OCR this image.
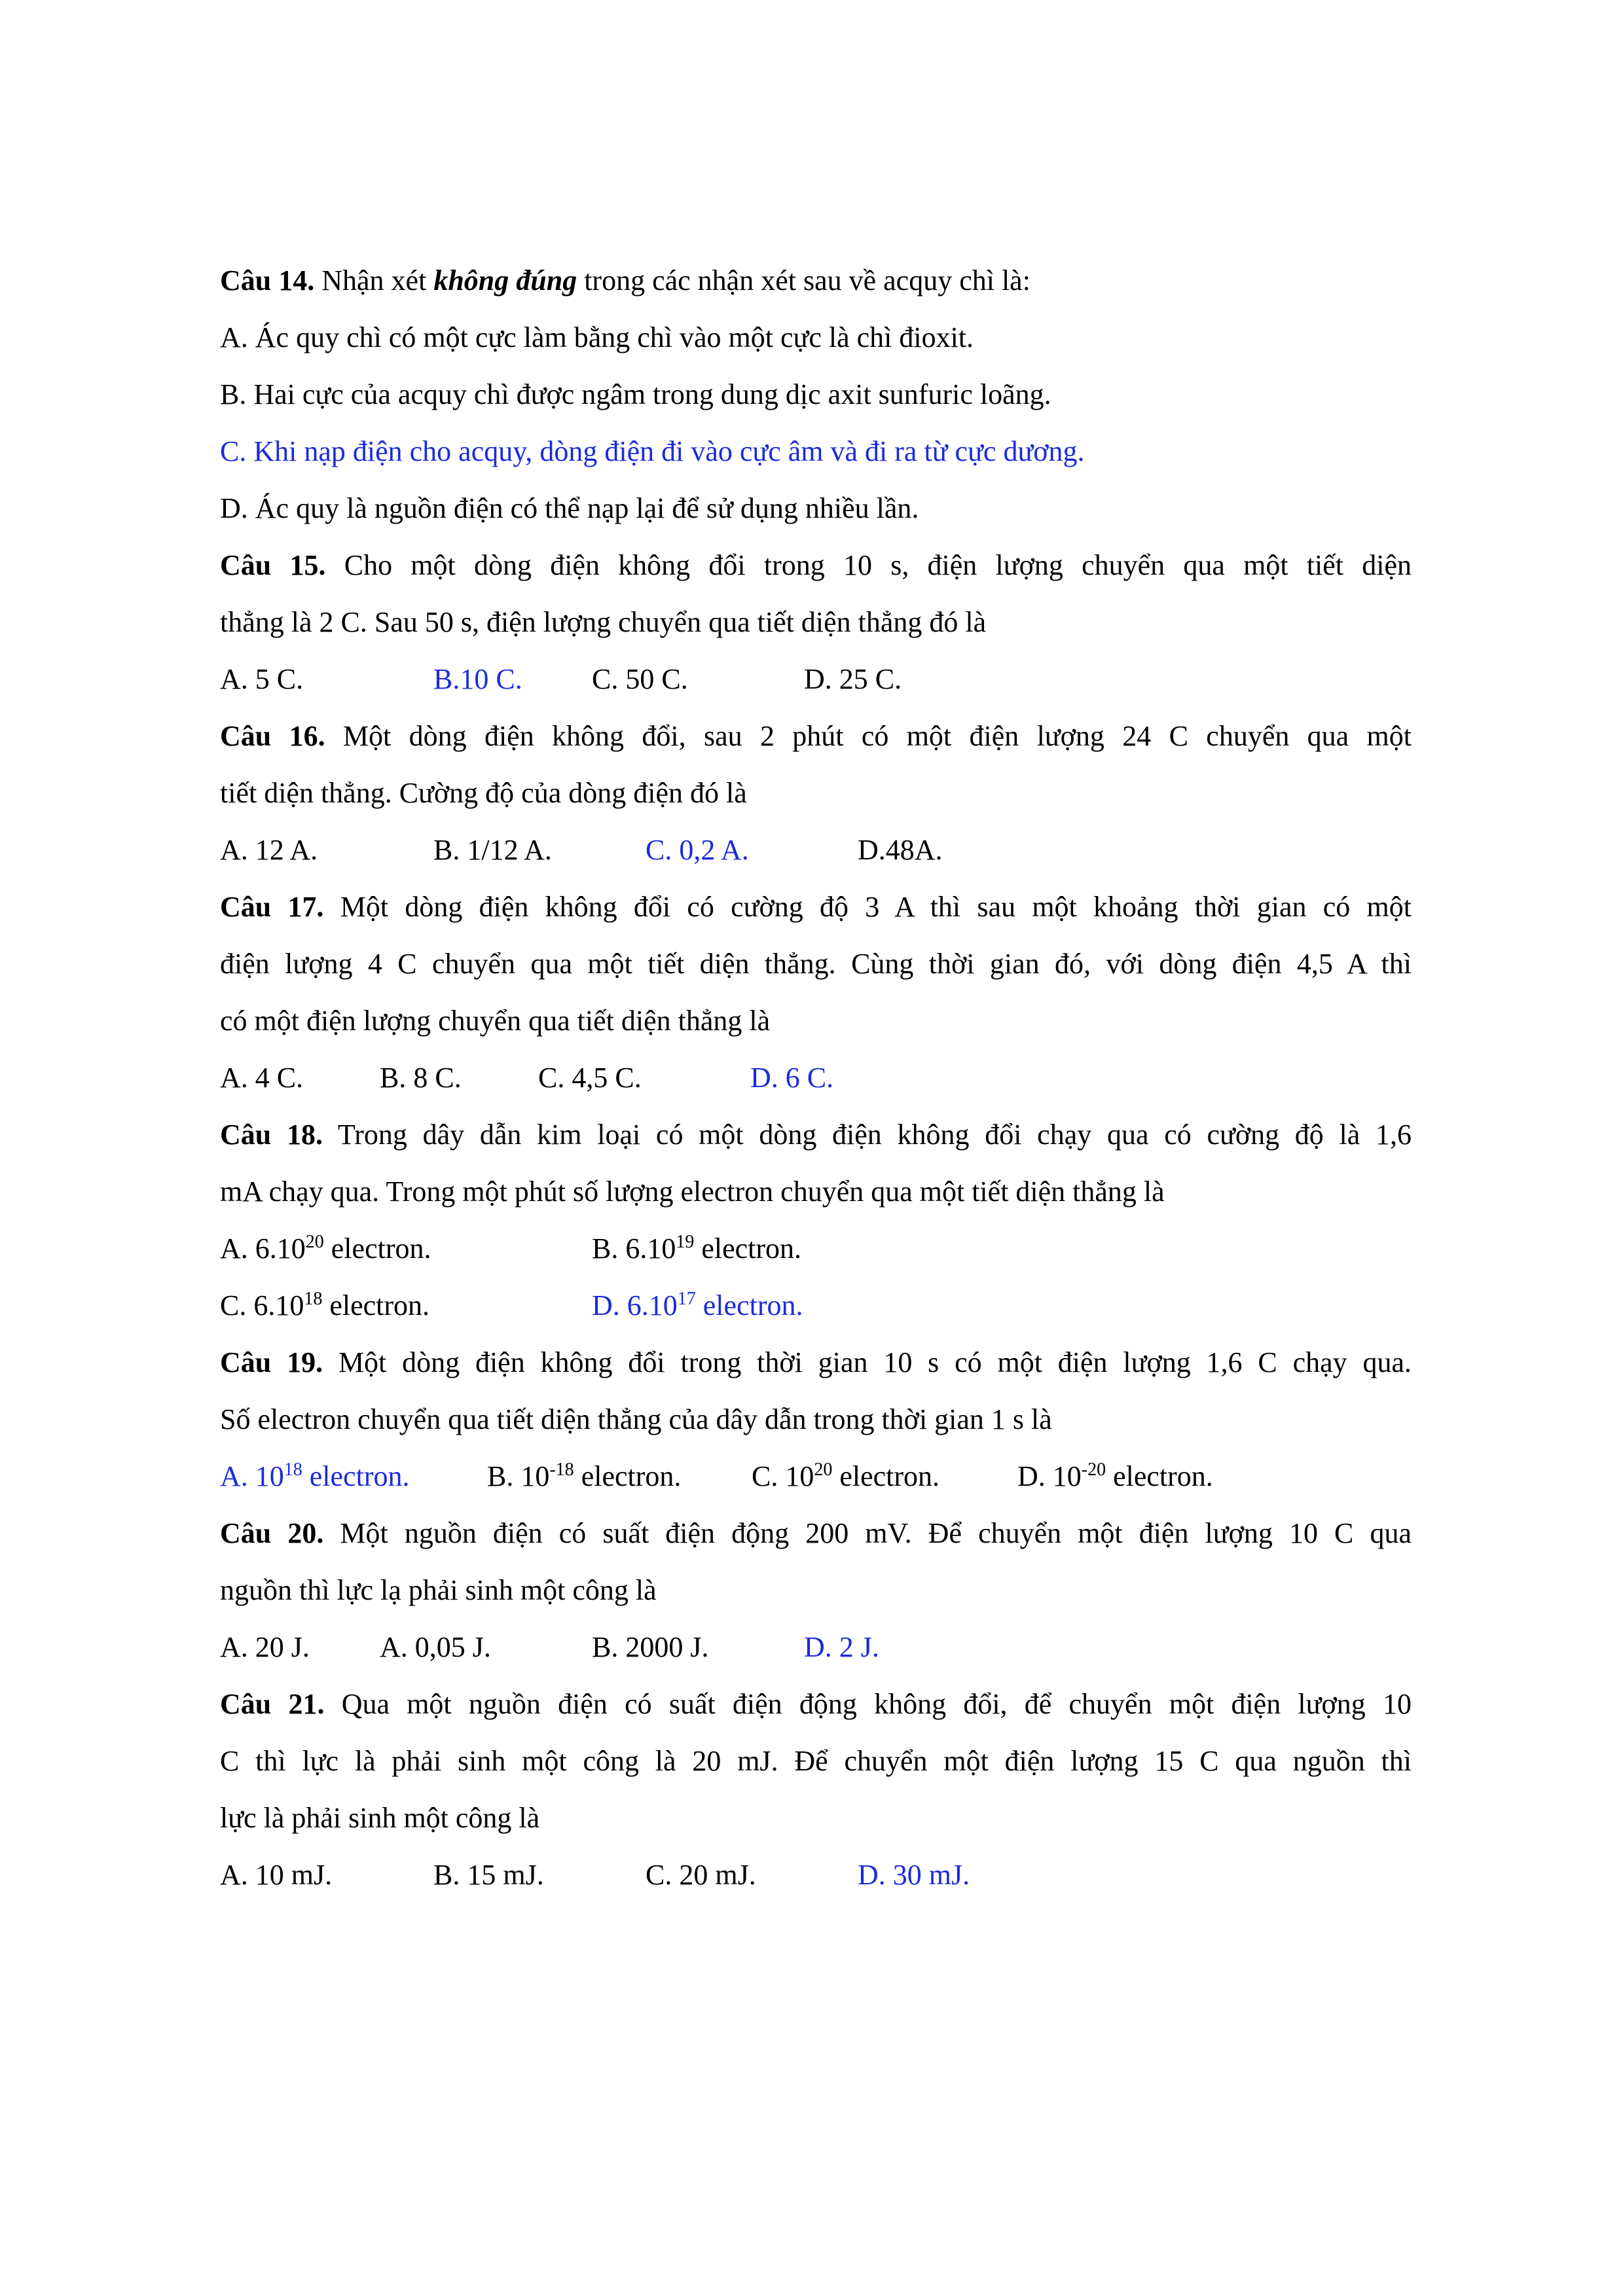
Câu 14. Nhận xét không đúng trong các nhận xét sau về acquy chì là:
A. Ác quy chì có một cực làm bằng chì vào một cực là chì đioxit.
B. Hai cực của acquy chì được ngâm trong dung dịc axit sunfuric loãng.
C. Khi nạp điện cho acquy, dòng điện đi vào cực âm và đi ra từ cực dương.
D. Ác quy là nguồn điện có thể nạp lại để sử dụng nhiều lần.
Câu 15. Cho một dòng điện không đổi trong 10 s, điện lượng chuyển qua một tiết diện
thẳng là 2 C. Sau 50 s, điện lượng chuyển qua tiết diện thẳng đó là
A. 5 C.	B.10 C. C. 50 C.	D. 25 C.
Câu 16. Một dòng điện không đổi, sau 2 phút có một điện lượng 24 C chuyển qua một
tiết diện thẳng. Cường độ của dòng điện đó là
A. 12 A.	B. 1/12 A.	C. 0,2 A.	D.48A.
Câu 17. Một dòng điện không đổi có cường độ 3 A thì sau một khoảng thời gian có một
điện lượng 4 C chuyển qua một tiết diện thẳng. Cùng thời gian đó, với dòng điện 4,5 A thì
có một điện lượng chuyển qua tiết diện thẳng là
A. 4 C.	B. 8 C.	C. 4,5 C.	D. 6 C.
Câu 18. Trong dây dẫn kim loại có một dòng điện không đổi chạy qua có cường độ là 1,6
mA chạy qua. Trong một phút số lượng electron chuyển qua một tiết diện thẳng là
A. 6.10$^{20}$ electron.	B. 6.10$^{19}$ electron.
C. 6.10$^{18}$ electron.	D. 6.10$^{17}$ electron.
Câu 19. Một dòng điện không đổi trong thời gian 10 s có một điện lượng 1,6 C chạy qua.
Số electron chuyển qua tiết diện thẳng của dây dẫn trong thời gian 1 s là
A. $10^{18}$ electron.	B. $10^{-18}$ electron. C. $10^{20}$ electron.	D. $10^{-20}$ electron.
Câu 20. Một nguồn điện có suất điện động 200 mV. Để chuyển một điện lượng 10 C qua
nguồn thì lực lạ phải sinh một công là
A. 20 J. A. 0,05 J.	B. 2000 J.	D. 2 J.
Câu 21. Qua một nguồn điện có suất điện động không đổi, để chuyển một điện lượng 10
C thì lực là phải sinh một công là 20 mJ. Để chuyển một điện lượng 15 C qua nguồn thì
lực là phải sinh một công là
A. 10 mJ.	B. 15 mJ.	C. 20 mJ.	D. 30 mJ.
